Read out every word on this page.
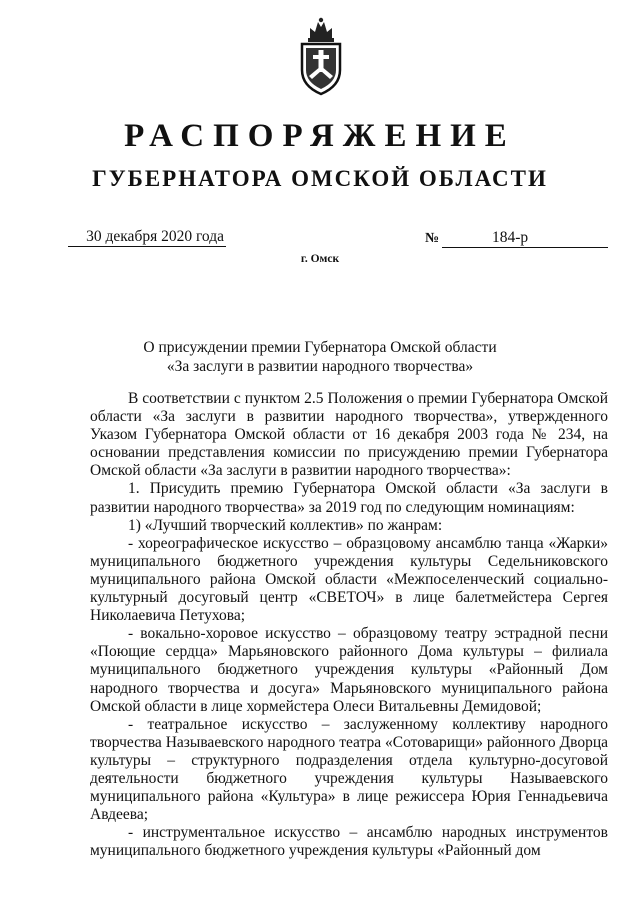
РАСПОРЯЖЕНИЕ
ГУБЕРНАТОРА ОМСКОЙ ОБЛАСТИ
30 декабря 2020 года	№	184-р
г. Омск
О присуждении премии Губернатора Омской области
«За заслуги в развитии народного творчества»

В соответствии с пунктом 2.5 Положения о премии Губернатора Омской области «За заслуги в развитии народного творчества», утвержденного Указом Губернатора Омской области от 16 декабря 2003 года № 234, на основании представления комиссии по присуждению премии Губернатора Омской области «За заслуги в развитии народного творчества»:

1. Присудить премию Губернатора Омской области «За заслуги в развитии народного творчества» за 2019 год по следующим номинациям:

1) «Лучший творческий коллектив» по жанрам:

- хореографическое искусство – образцовому ансамблю танца «Жарки» муниципального бюджетного учреждения культуры Седельниковского муниципального района Омской области «Межпоселенческий социально-культурный досуговый центр «СВЕТОЧ» в лице балетмейстера Сергея Николаевича Петухова;

- вокально-хоровое искусство – образцовому театру эстрадной песни «Поющие сердца» Марьяновского районного Дома культуры – филиала муниципального бюджетного учреждения культуры «Районный Дом народного творчества и досуга» Марьяновского муниципального района Омской области в лице хормейстера Олеси Витальевны Демидовой;

- театральное искусство – заслуженному коллективу народного творчества Называевского народного театра «Сотоварищи» районного Дворца культуры – структурного подразделения отдела культурно-досуговой деятельности бюджетного учреждения культуры Называевского муниципального района «Культура» в лице режиссера Юрия Геннадьевича Авдеева;

- инструментальное искусство – ансамблю народных инструментов муниципального бюджетного учреждения культуры «Районный дом
